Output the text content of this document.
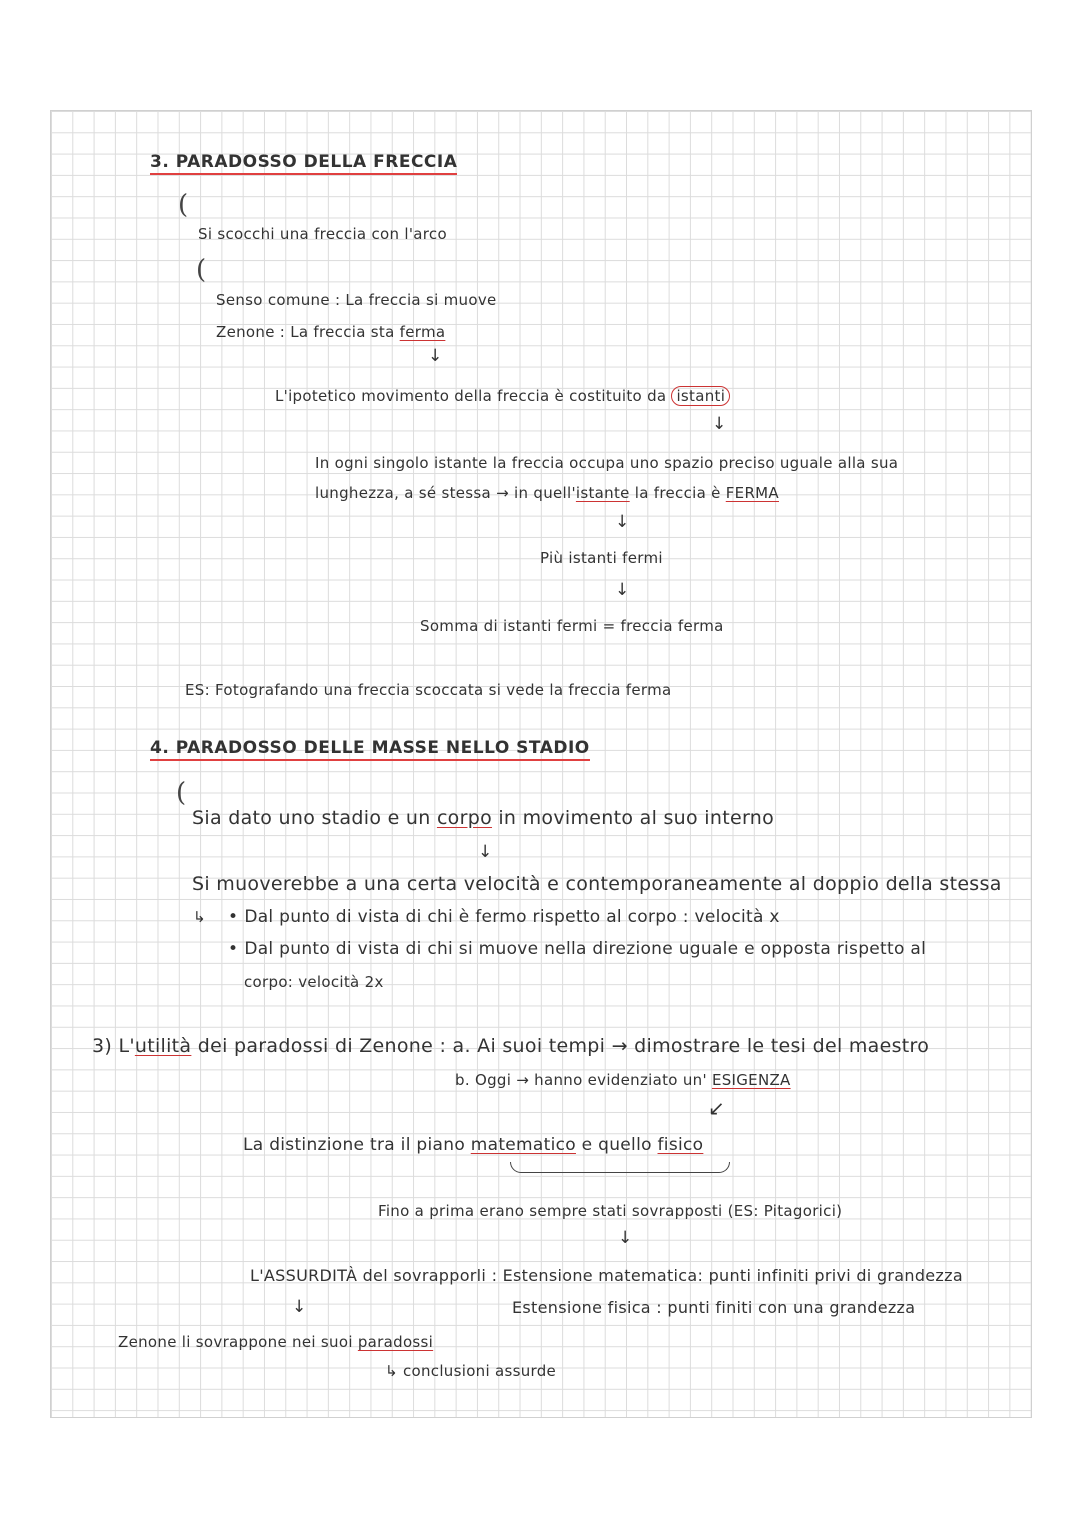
3. PARADOSSO DELLA FRECCIA
(
Si scocchi una freccia con l'arco
(
Senso comune : La freccia si muove
Zenone : La freccia sta ferma
↓
L'ipotetico movimento della freccia è costituito da istanti
↓
In ogni singolo istante la freccia occupa uno spazio preciso uguale alla sua
lunghezza, a sé stessa → in quell'istante la freccia è FERMA
↓
Più istanti fermi
↓
Somma di istanti fermi = freccia ferma
ES: Fotografando una freccia scoccata si vede la freccia ferma
4. PARADOSSO DELLE MASSE NELLO STADIO
(
Sia dato uno stadio e un corpo in movimento al suo interno
↓
Si muoverebbe a una certa velocità e contemporaneamente al doppio della stessa
↳
•	Dal punto di vista di chi è fermo rispetto al corpo : velocità x
• Dal punto di vista di chi si muove nella direzione uguale e opposta rispetto al
corpo: velocità 2x
3) L'utilità dei paradossi di Zenone : a. Ai suoi tempi → dimostrare le tesi del maestro
b. Oggi → hanno evidenziato un' ESIGENZA
↙
La distinzione tra il piano matematico e quello fisico
Fino a prima erano sempre stati sovrapposti (ES: Pitagorici)
↓
L'ASSURDITÀ del sovrapporli : Estensione matematica: punti infiniti privi di grandezza
↓	Estensione fisica : punti finiti con una grandezza
Zenone li sovrappone nei suoi paradossi
↳ conclusioni assurde
